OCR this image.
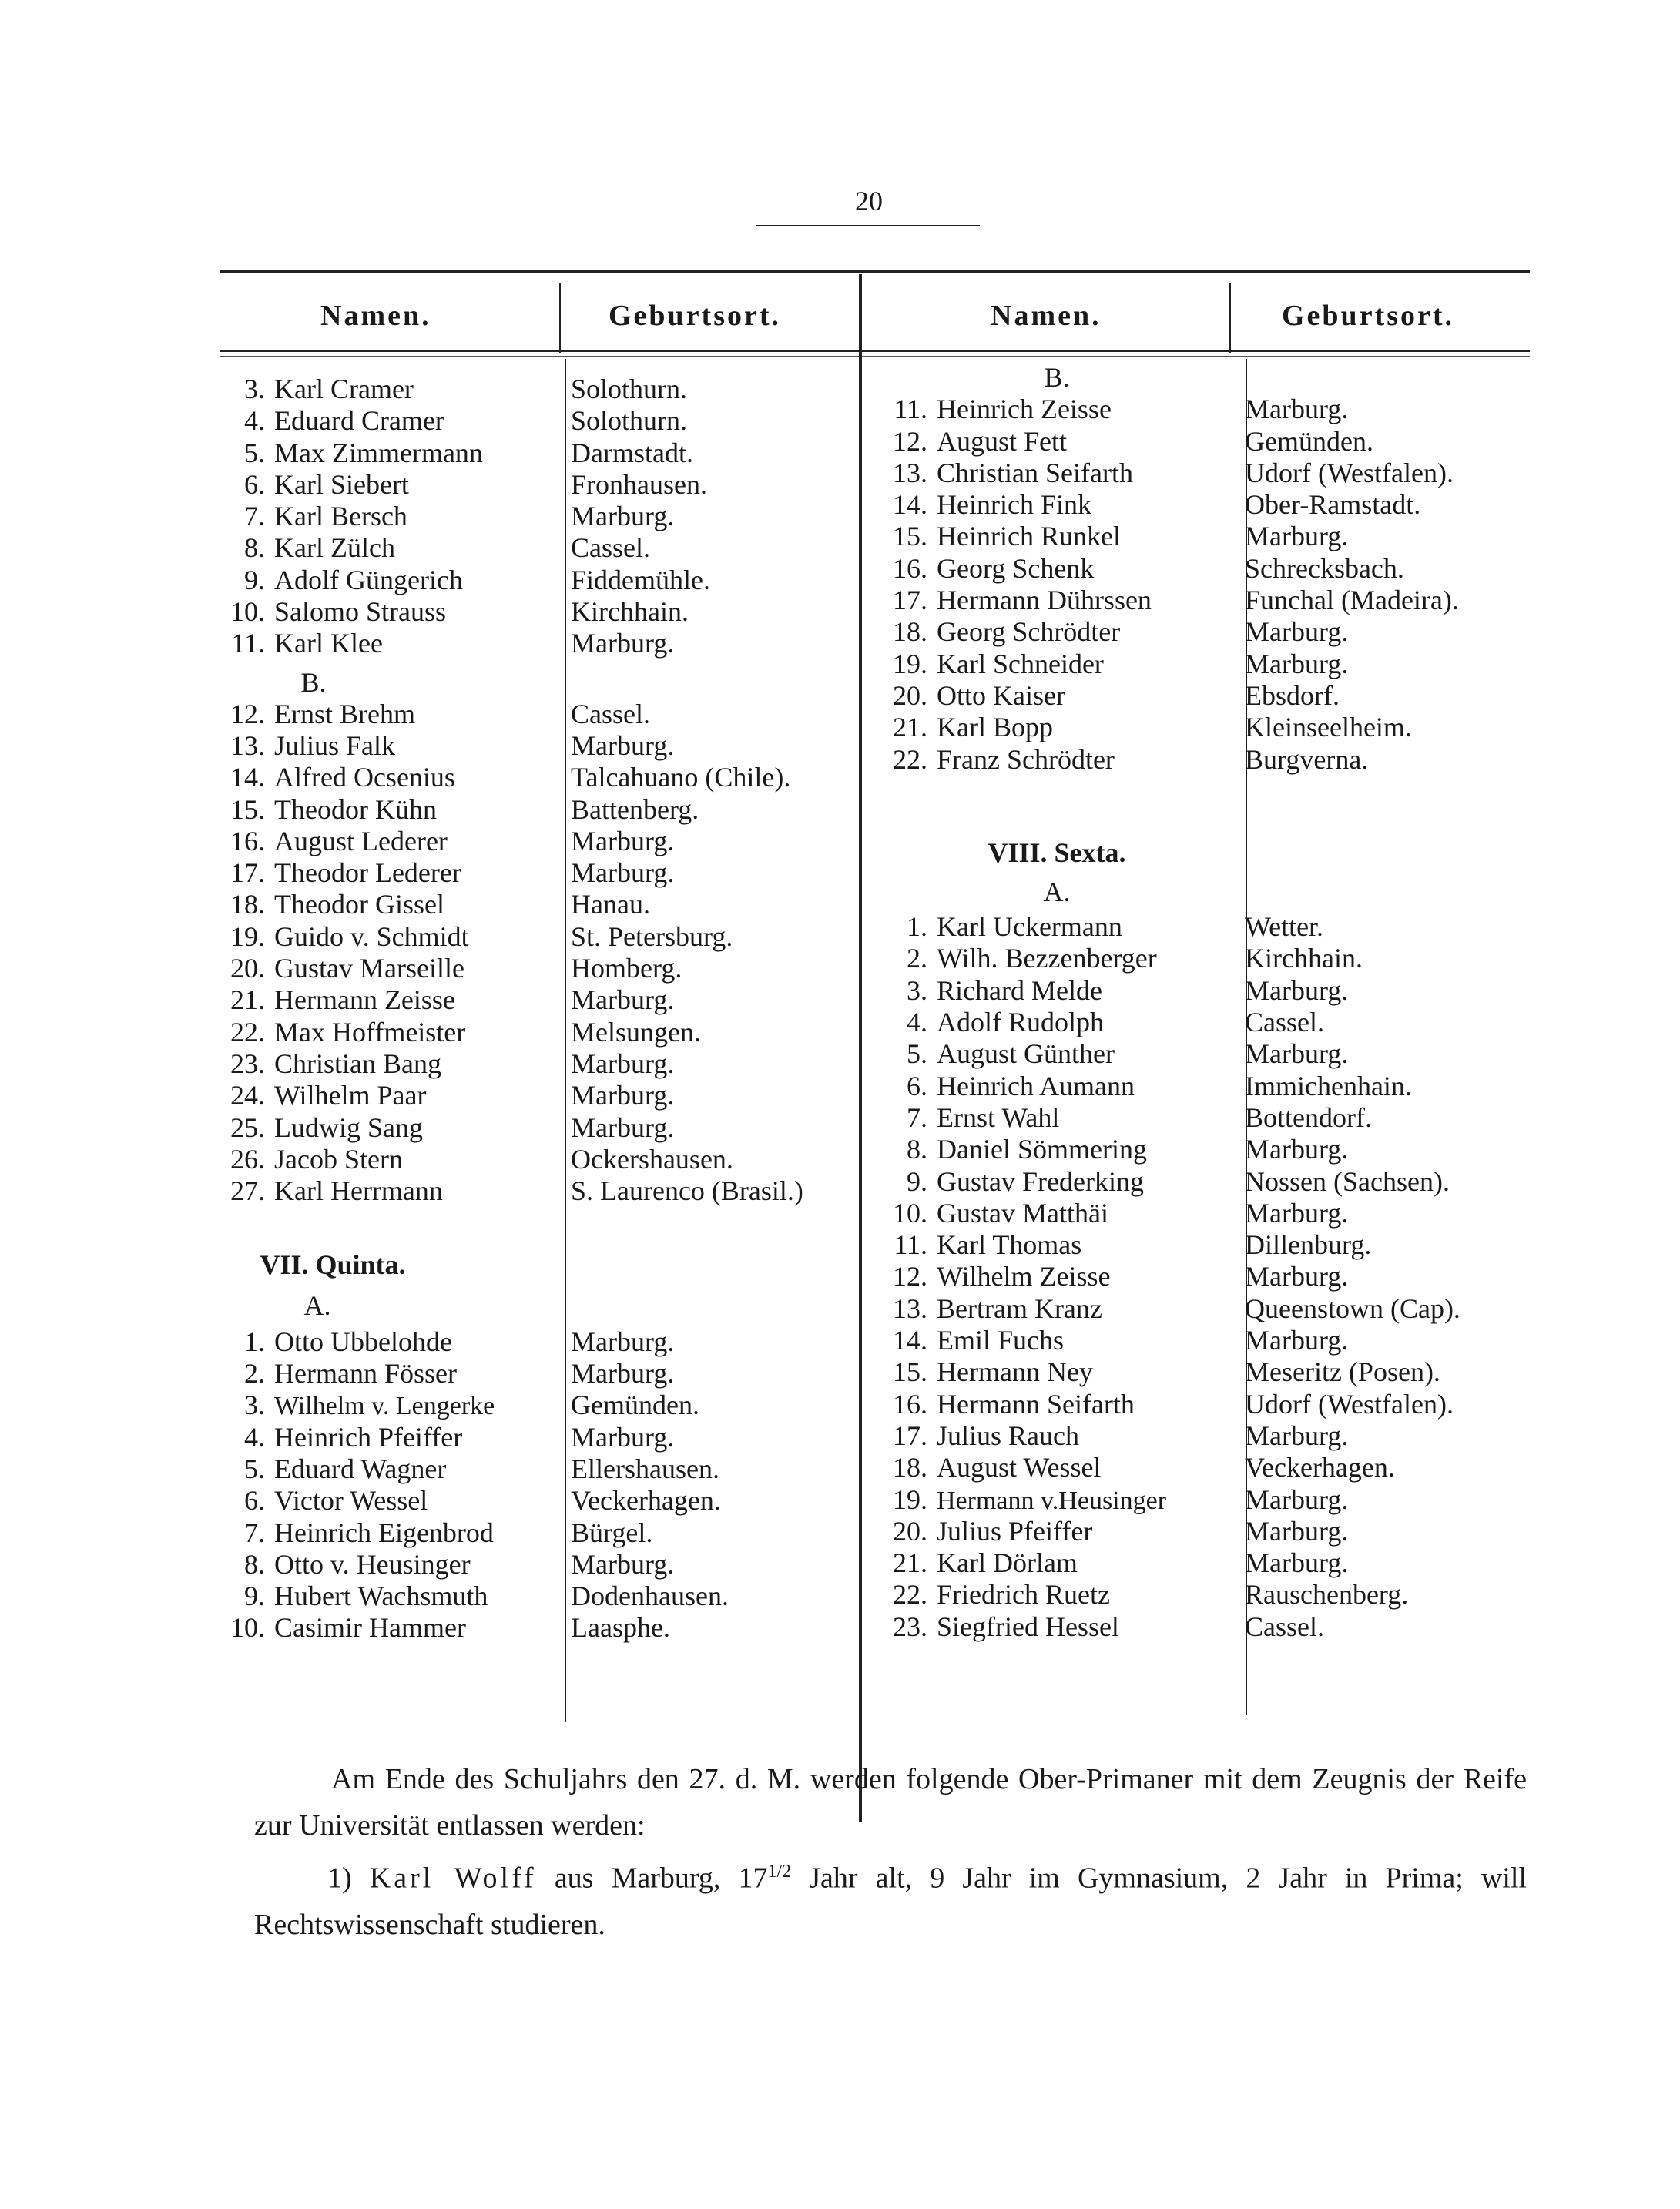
20
Namen.	Geburtsort.	Namen.	Geburtsort.
3. Karl Cramer	Solothurn.
4. Eduard Cramer	Solothurn.
5. Max Zimmermann	Darmstadt.
6. Karl Siebert	Fronhausen.
7. Karl Bersch	Marburg.
8. Karl Zülch	Cassel.
9. Adolf Güngerich	Fiddemühle.
10. Salomo Strauss	Kirchhain.
11. Karl Klee	Marburg.
B.
12. Ernst Brehm	Cassel.
13. Julius Falk	Marburg.
14. Alfred Ocsenius	Talcahuano (Chile).
15. Theodor Kühn	Battenberg.
16. August Lederer	Marburg.
17. Theodor Lederer	Marburg.
18. Theodor Gissel	Hanau.
19. Guido v. Schmidt	St. Petersburg.
20. Gustav Marseille	Homberg.
21. Hermann Zeisse	Marburg.
22. Max Hoffmeister	Melsungen.
23. Christian Bang	Marburg.
24. Wilhelm Paar	Marburg.
25. Ludwig Sang	Marburg.
26. Jacob Stern	Ockershausen.
27. Karl Herrmann	S. Laurenco (Brasil.)
VII. Quinta.
A.
1. Otto Ubbelohde	Marburg.
2. Hermann Fösser	Marburg.
3. Wilhelm v. Lengerke	Gemünden.
4. Heinrich Pfeiffer	Marburg.
5. Eduard Wagner	Ellershausen.
6. Victor Wessel	Veckerhagen.
7. Heinrich Eigenbrod	Bürgel.
8. Otto v. Heusinger	Marburg.
9. Hubert Wachsmuth	Dodenhausen.
10. Casimir Hammer	Laasphe.
B.
11. Heinrich Zeisse	Marburg.
12. August Fett	Gemünden.
13. Christian Seifarth	Udorf (Westfalen).
14. Heinrich Fink	Ober-Ramstadt.
15. Heinrich Runkel	Marburg.
16. Georg Schenk	Schrecksbach.
17. Hermann Dührssen	Funchal (Madeira).
18. Georg Schrödter	Marburg.
19. Karl Schneider	Marburg.
20. Otto Kaiser	Ebsdorf.
21. Karl Bopp	Kleinseelheim.
22. Franz Schrödter	Burgverna.
VIII. Sexta.
A.
1. Karl Uckermann	Wetter.
2. Wilh. Bezzenberger	Kirchhain.
3. Richard Melde	Marburg.
4. Adolf Rudolph	Cassel.
5. August Günther	Marburg.
6. Heinrich Aumann	Immichenhain.
7. Ernst Wahl	Bottendorf.
8. Daniel Sömmering	Marburg.
9. Gustav Frederking	Nossen (Sachsen).
10. Gustav Matthäi	Marburg.
11. Karl Thomas	Dillenburg.
12. Wilhelm Zeisse	Marburg.
13. Bertram Kranz	Queenstown (Cap).
14. Emil Fuchs	Marburg.
15. Hermann Ney	Meseritz (Posen).
16. Hermann Seifarth	Udorf (Westfalen).
17. Julius Rauch	Marburg.
18. August Wessel	Veckerhagen.
19. Hermann v.Heusinger	Marburg.
20. Julius Pfeiffer	Marburg.
21. Karl Dörlam	Marburg.
22. Friedrich Ruetz	Rauschenberg.
23. Siegfried Hessel	Cassel.

Am Ende des Schuljahrs den 27. d. M. werden folgende Ober-Primaner mit dem Zeugnis der Reife zur Universität entlassen werden:

1) Karl Wolff aus Marburg, $17^{1/2}$ Jahr alt, 9 Jahr im Gymnasium, 2 Jahr in Prima; will Rechtswissenschaft studieren.
